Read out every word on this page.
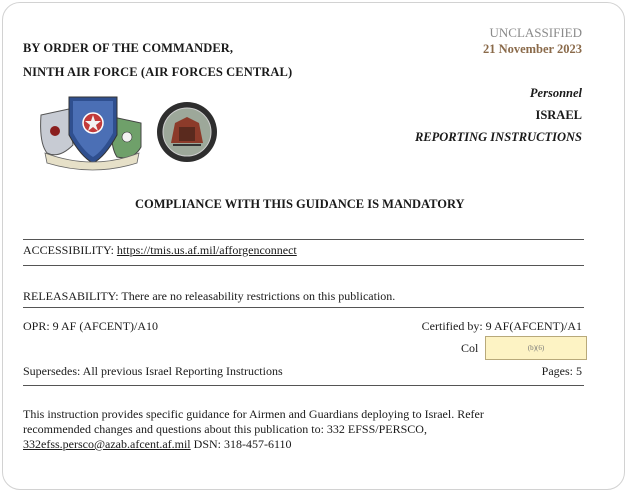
BY ORDER OF THE COMMANDER,
NINTH AIR FORCE (AIR FORCES CENTRAL)
UNCLASSIFIED
21 November 2023
Personnel
ISRAEL
REPORTING INSTRUCTIONS
COMPLIANCE WITH THIS GUIDANCE IS MANDATORY
ACCESSIBILITY: https://tmis.us.af.mil/afforgenconnect
RELEASABILITY: There are no releasability restrictions on this publication.
OPR: 9 AF (AFCENT)/A10	Certified by: 9 AF(AFCENT)/A1
Col	(b)(6)
Supersedes: All previous Israel Reporting Instructions	Pages: 5
This instruction provides specific guidance for Airmen and Guardians deploying to Israel. Refer
recommended changes and questions about this publication to: 332 EFSS/PERSCO,
332efss.persco@azab.afcent.af.mil DSN: 318-457-6110
